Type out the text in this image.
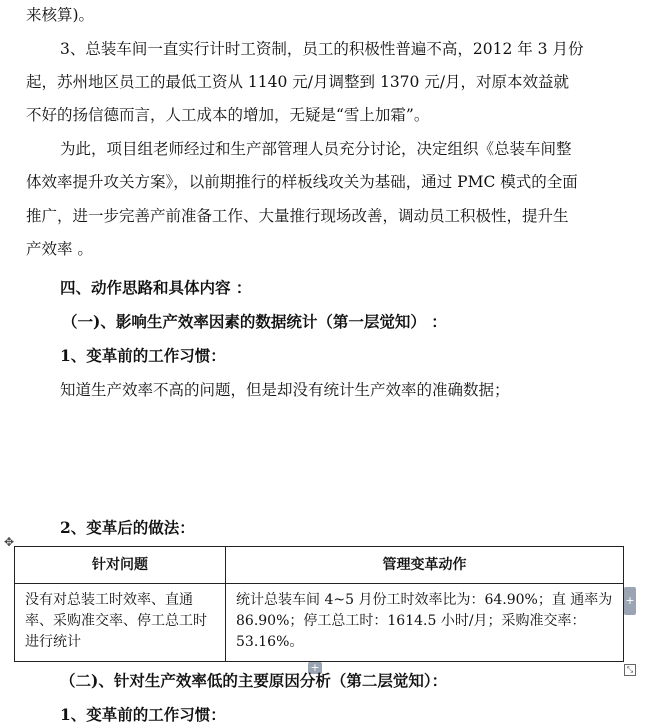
来核算)。
3、总装车间一直实行计时工资制，员工的积极性普遍不高，2012 年 3 月份
起，苏州地区员工的最低工资从 1140 元/月调整到 1370 元/月，对原本效益就
不好的扬信德而言，人工成本的增加，无疑是“雪上加霜”。
为此，项目组老师经过和生产部管理人员充分讨论，决定组织《总装车间整
体效率提升攻关方案》，以前期推行的样板线攻关为基础，通过 PMC 模式的全面
推广，进一步完善产前准备工作、大量推行现场改善，调动员工积极性，提升生
产效率 。
四、动作思路和具体内容 ：
（一)、影响生产效率因素的数据统计（第一层觉知） ：
1、变革前的工作习惯：
知道生产效率不高的问题，但是却没有统计生产效率的准确数据；
2、变革后的做法：
✥
针对问题	管理变革动作
没有对总装工时效率、直通率、采购准交率、停工总工时进行统计	统计总装车间 4~5 月份工时效率比为：64.90%；直 通率为 86.90%；停工总工时：1614.5 小时/月；采购准交率：53.16%。
+
+	⤡
（二)、针对生产效率低的主要原因分析（第二层觉知）：
1、变革前的工作习惯：
